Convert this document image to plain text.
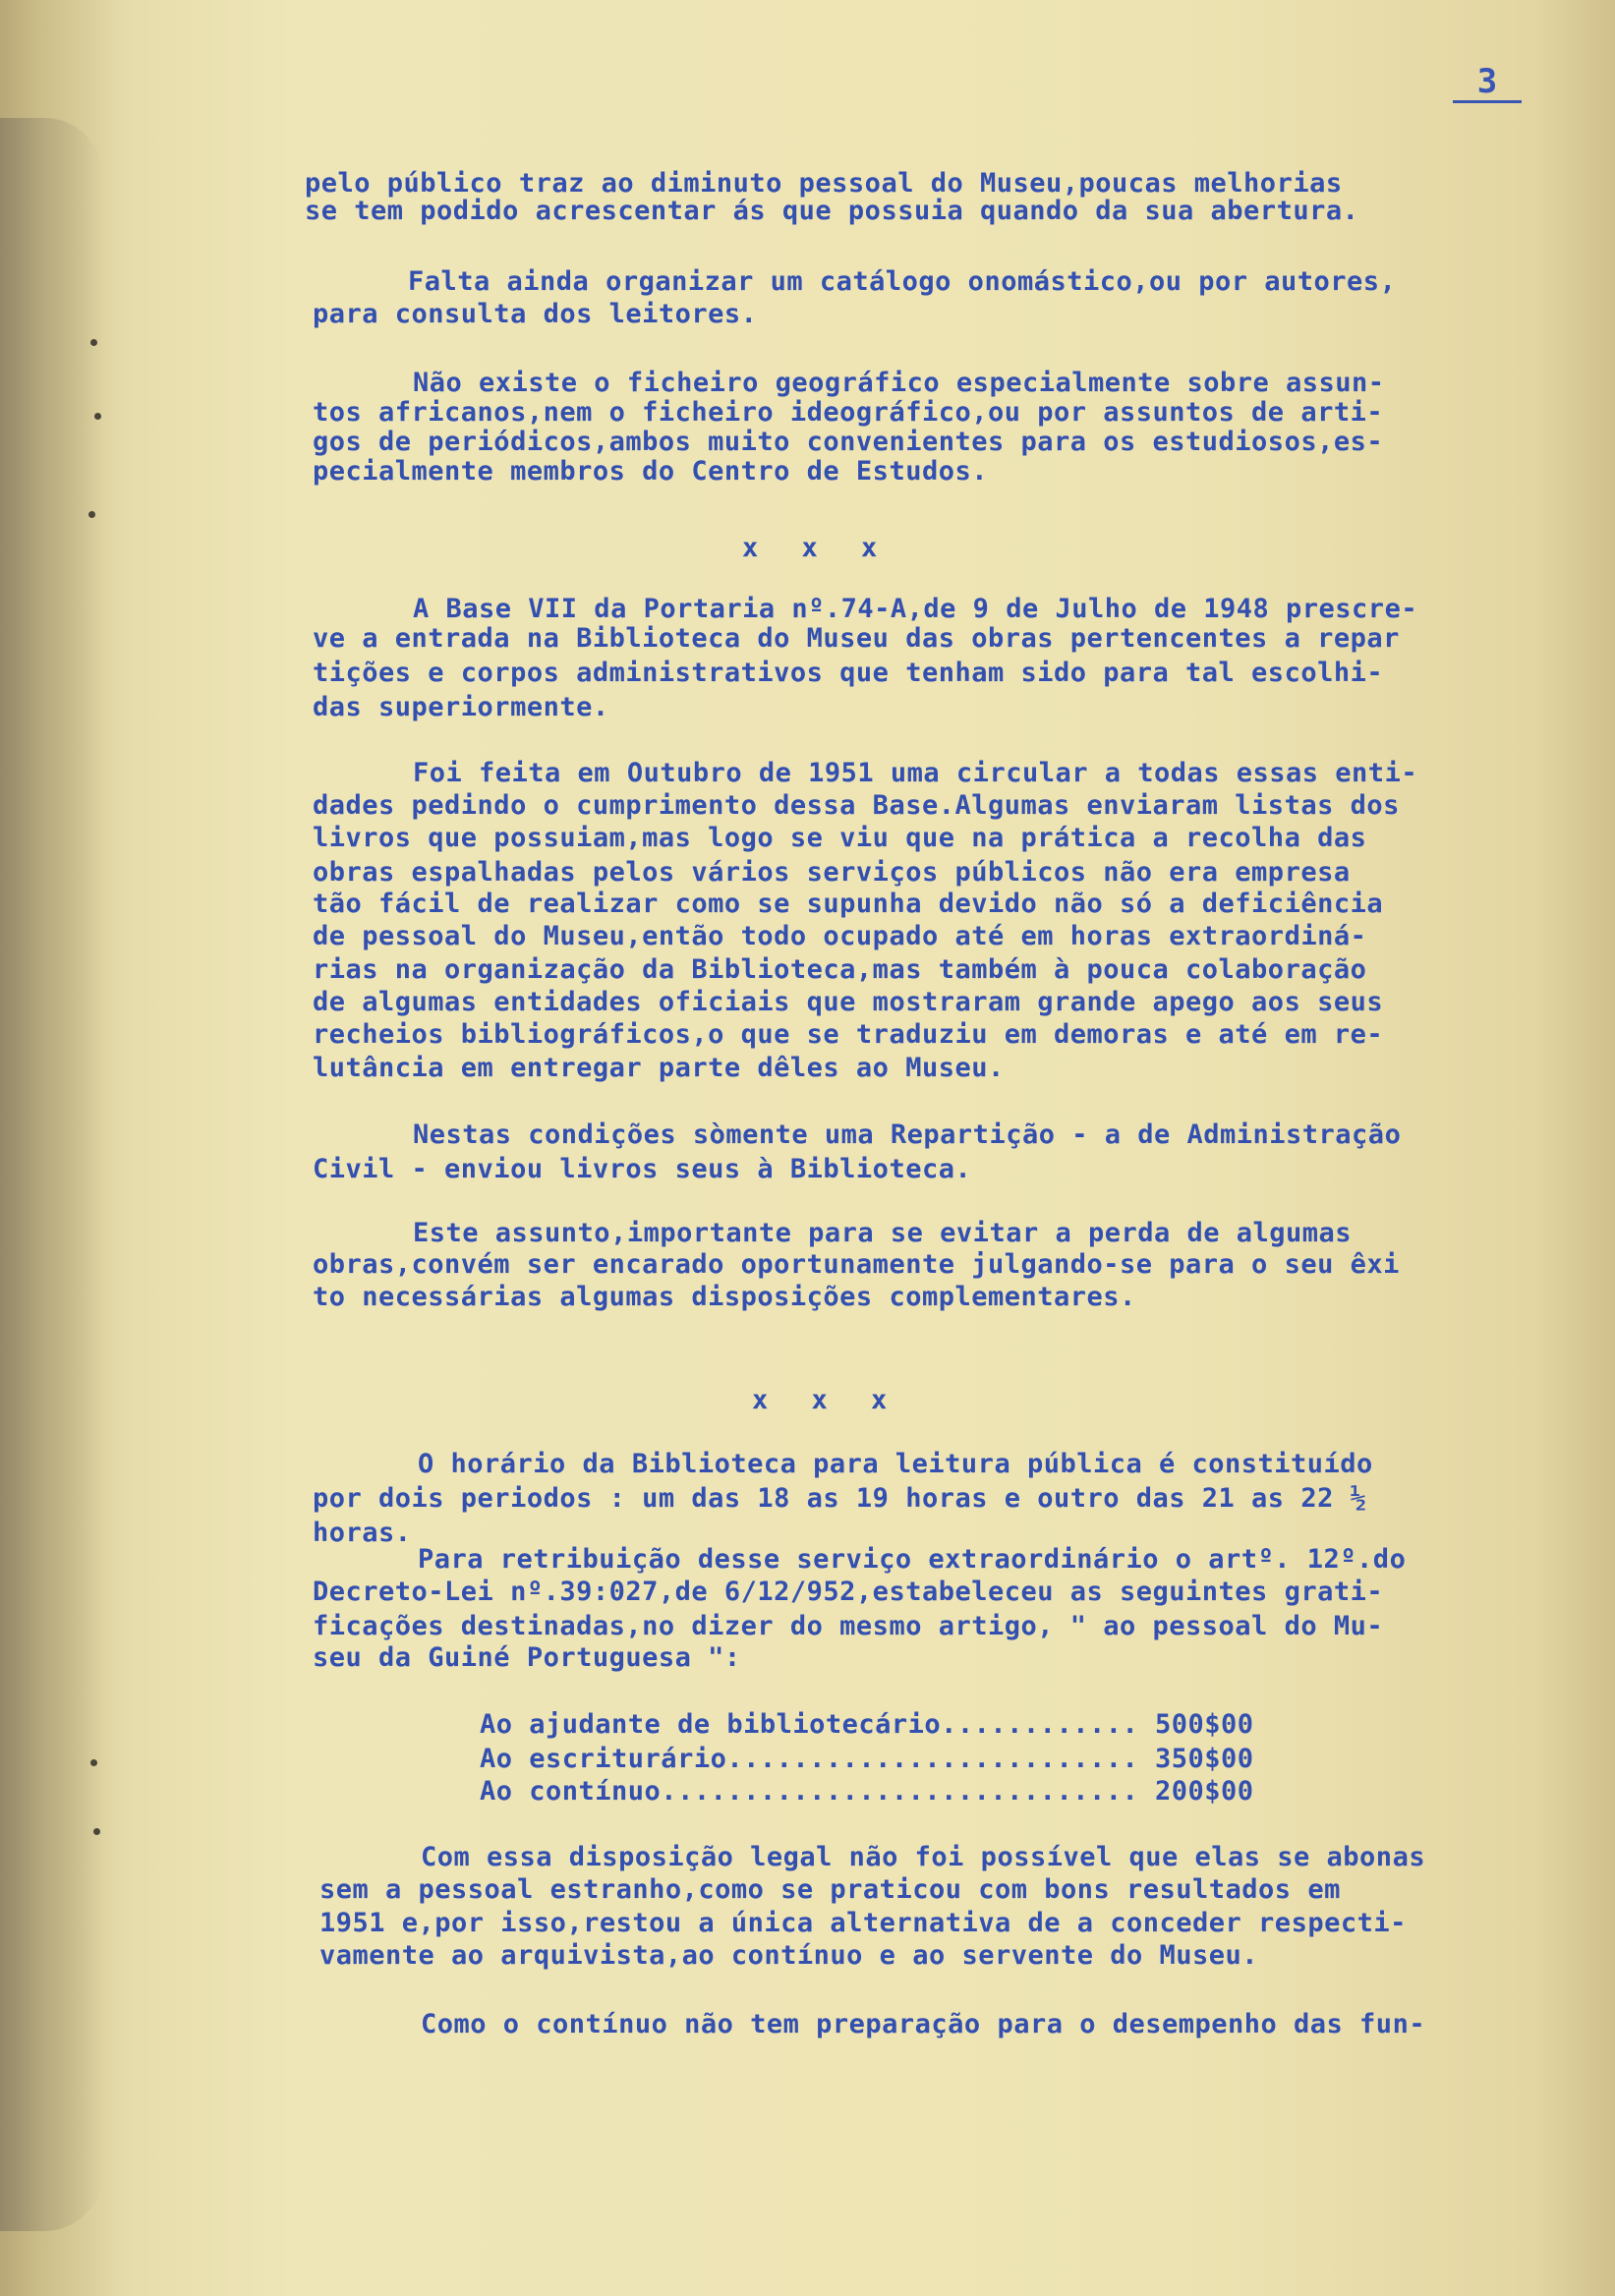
3
pelo público traz ao diminuto pessoal do Museu,poucas melhorias
se tem podido acrescentar ás que possuia quando da sua abertura.
Falta ainda organizar um catálogo onomástico,ou por autores,
para consulta dos leitores.
Não existe o ficheiro geográfico especialmente sobre assun-
tos africanos,nem o ficheiro ideográfico,ou por assuntos de arti-
gos de periódicos,ambos muito convenientes para os estudiosos,es-
pecialmente membros do Centro de Estudos.
x x x
A Base VII da Portaria nº.74-A,de 9 de Julho de 1948 prescre-
ve a entrada na Biblioteca do Museu das obras pertencentes a repar
tições e corpos administrativos que tenham sido para tal escolhi-
das superiormente.
Foi feita em Outubro de 1951 uma circular a todas essas enti-
dades pedindo o cumprimento dessa Base.Algumas enviaram listas dos
livros que possuiam,mas logo se viu que na prática a recolha das
obras espalhadas pelos vários serviços públicos não era empresa
tão fácil de realizar como se supunha devido não só a deficiência
de pessoal do Museu,então todo ocupado até em horas extraordiná-
rias na organização da Biblioteca,mas também à pouca colaboração
de algumas entidades oficiais que mostraram grande apego aos seus
recheios bibliográficos,o que se traduziu em demoras e até em re-
lutância em entregar parte dêles ao Museu.
Nestas condições sòmente uma Repartição - a de Administração
Civil - enviou livros seus à Biblioteca.
Este assunto,importante para se evitar a perda de algumas
obras,convém ser encarado oportunamente julgando-se para o seu êxi
to necessárias algumas disposições complementares.
x x x
O horário da Biblioteca para leitura pública é constituído
por dois periodos : um das 18 as 19 horas e outro das 21 as 22 ½
horas.
Para retribuição desse serviço extraordinário o artº. 12º.do
Decreto-Lei nº.39:027,de 6/12/952,estabeleceu as seguintes grati-
ficações destinadas,no dizer do mesmo artigo, " ao pessoal do Mu-
seu da Guiné Portuguesa ":
Ao ajudante de bibliotecário............ 500$00
Ao escriturário......................... 350$00
Ao contínuo............................. 200$00
Com essa disposição legal não foi possível que elas se abonas
sem a pessoal estranho,como se praticou com bons resultados em
1951 e,por isso,restou a única alternativa de a conceder respecti-
vamente ao arquivista,ao contínuo e ao servente do Museu.
Como o contínuo não tem preparação para o desempenho das fun-
